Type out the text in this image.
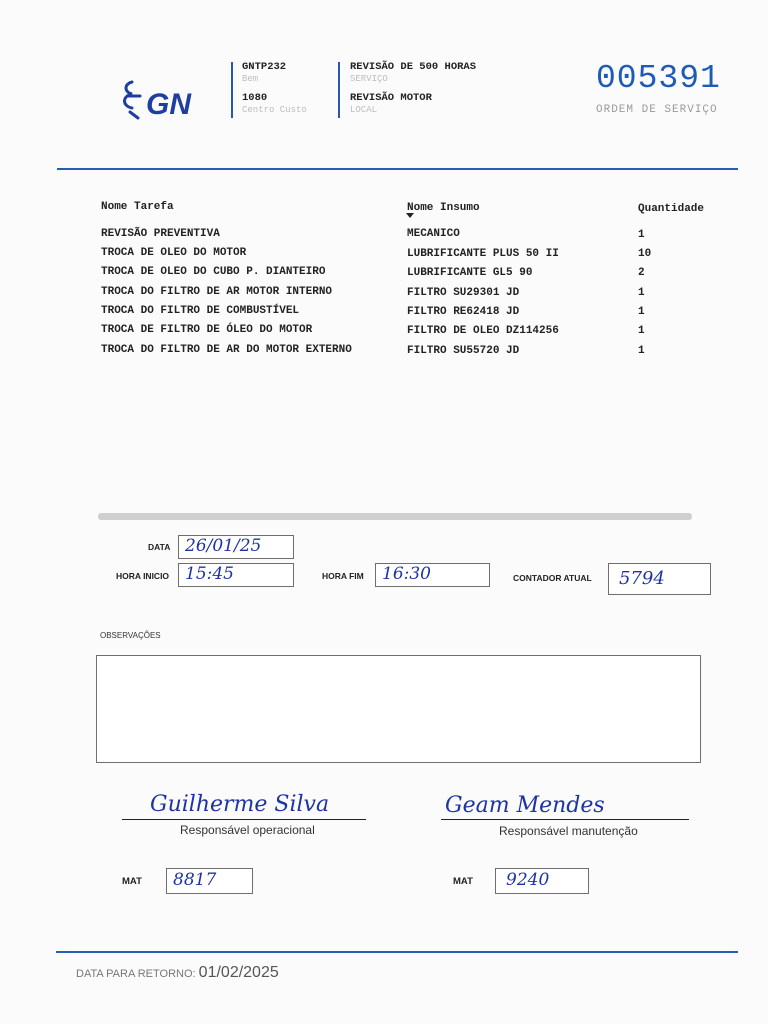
GN
GNTP232
Bem
1080
Centro Custo
REVISÃO DE 500 HORAS
SERVIÇO
REVISÃO MOTOR
LOCAL
005391
ORDEM DE SERVIÇO
Nome Tarefa	Nome Insumo	Quantidade
REVISÃO PREVENTIVA	MECANICO	1
TROCA DE OLEO DO MOTOR	LUBRIFICANTE PLUS 50 II	10
TROCA DE OLEO DO CUBO P. DIANTEIRO	LUBRIFICANTE GL5 90	2
TROCA DO FILTRO DE AR MOTOR INTERNO	FILTRO SU29301 JD	1
TROCA DO FILTRO DE COMBUSTÍVEL	FILTRO RE62418 JD	1
TROCA DE FILTRO DE ÓLEO DO MOTOR	FILTRO DE OLEO DZ114256	1
TROCA DO FILTRO DE AR DO MOTOR EXTERNO	FILTRO SU55720 JD	1
DATA 26/01/25
HORA INICIO 15:45	HORA FIM	16:30	CONTADOR ATUAL	5794
OBSERVAÇÕES
Guilherme Silva
Responsável operacional
Geam Mendes
Responsável manutenção
MAT	8817	MAT	9240
DATA PARA RETORNO: 01/02/2025
